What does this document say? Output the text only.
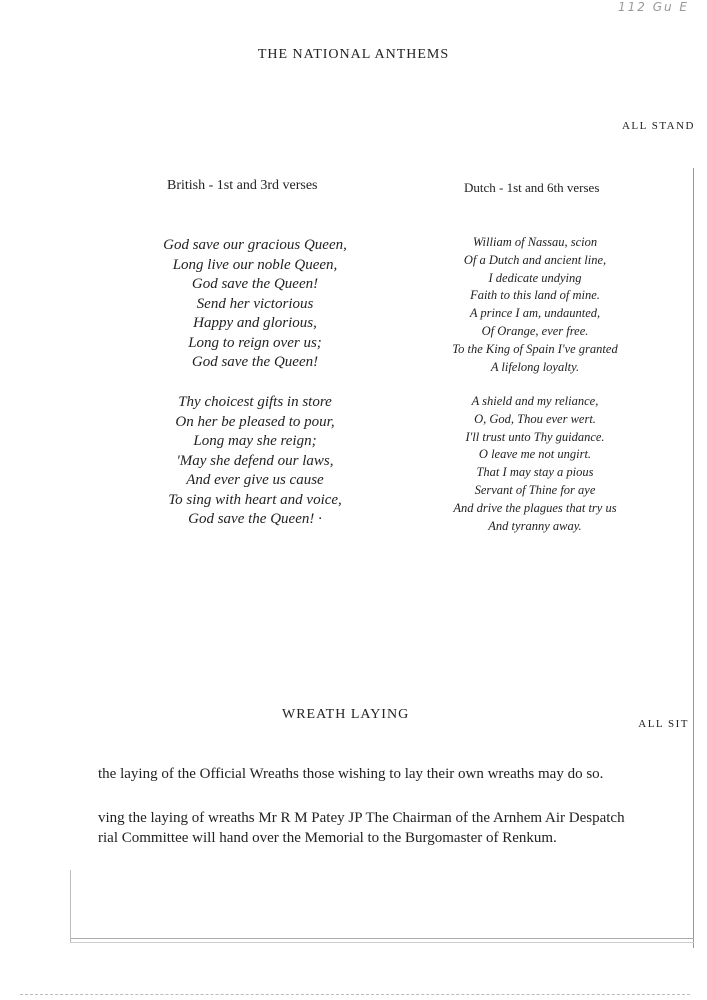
112 Gu E
THE NATIONAL ANTHEMS
ALL STAND
British - 1st and 3rd verses	Dutch - 1st and 6th verses
God save our gracious Queen,
Long live our noble Queen,
God save the Queen!
Send her victorious
Happy and glorious,
Long to reign over us;
God save the Queen!
Thy choicest gifts in store
On her be pleased to pour,
Long may she reign;
'May she defend our laws,
And ever give us cause
To sing with heart and voice,
God save the Queen! ·
William of Nassau, scion
Of a Dutch and ancient line,
I dedicate undying
Faith to this land of mine.
A prince I am, undaunted,
Of Orange, ever free.
To the King of Spain I've granted
A lifelong loyalty.
A shield and my reliance,
O, God, Thou ever wert.
I'll trust unto Thy guidance.
O leave me not ungirt.
That I may stay a pious
Servant of Thine for aye
And drive the plagues that try us
And tyranny away.
WREATH LAYING
ALL SIT
the laying of the Official Wreaths those wishing to lay their own wreaths may do so.
ving the laying of wreaths Mr R M Patey JP The Chairman of the Arnhem Air Despatch
rial Committee will hand over the Memorial to the Burgomaster of Renkum.
